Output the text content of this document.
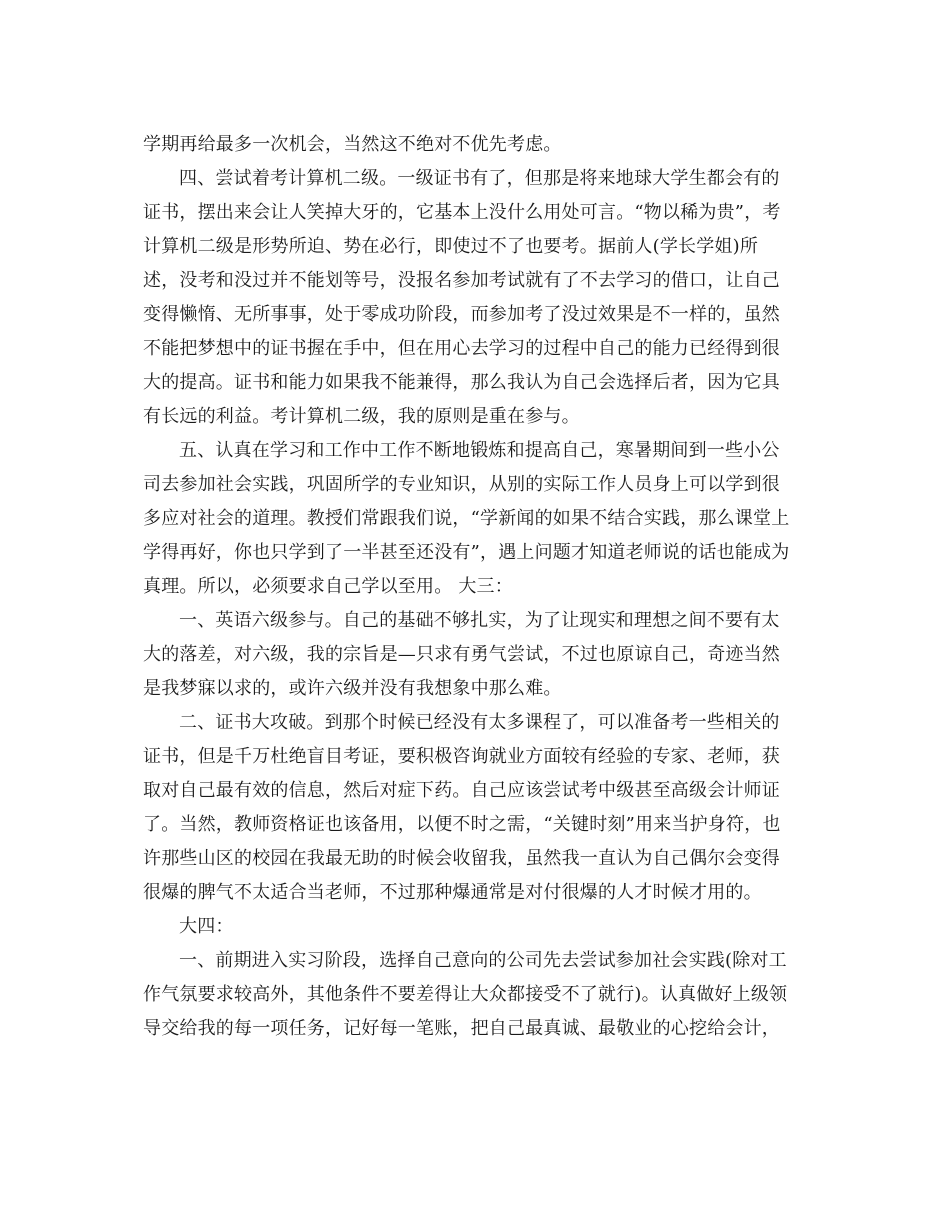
学期再给最多一次机会，当然这不绝对不优先考虑。
四、尝试着考计算机二级。一级证书有了，但那是将来地球大学生都会有的
证书，摆出来会让人笑掉大牙的，它基本上没什么用处可言。“物以稀为贵”，考
计算机二级是形势所迫、势在必行，即使过不了也要考。据前人(学长学姐)所
述，没考和没过并不能划等号，没报名参加考试就有了不去学习的借口，让自己
变得懒惰、无所事事，处于零成功阶段，而参加考了没过效果是不一样的，虽然
不能把梦想中的证书握在手中，但在用心去学习的过程中自己的能力已经得到很
大的提高。证书和能力如果我不能兼得，那么我认为自己会选择后者，因为它具
有长远的利益。考计算机二级，我的原则是重在参与。
五、认真在学习和工作中工作不断地锻炼和提高自己，寒暑期间到一些小公
司去参加社会实践，巩固所学的专业知识，从别的实际工作人员身上可以学到很
多应对社会的道理。教授们常跟我们说，“学新闻的如果不结合实践，那么课堂上
学得再好，你也只学到了一半甚至还没有”，遇上问题才知道老师说的话也能成为
真理。所以，必须要求自己学以至用。 大三：
一、英语六级参与。自己的基础不够扎实，为了让现实和理想之间不要有太
大的落差，对六级，我的宗旨是—只求有勇气尝试，不过也原谅自己，奇迹当然
是我梦寐以求的，或许六级并没有我想象中那么难。
二、证书大攻破。到那个时候已经没有太多课程了，可以准备考一些相关的
证书，但是千万杜绝盲目考证，要积极咨询就业方面较有经验的专家、老师，获
取对自己最有效的信息，然后对症下药。自己应该尝试考中级甚至高级会计师证
了。当然，教师资格证也该备用，以便不时之需，“关键时刻”用来当护身符，也
许那些山区的校园在我最无助的时候会收留我，虽然我一直认为自己偶尔会变得
很爆的脾气不太适合当老师，不过那种爆通常是对付很爆的人才时候才用的。
大四：
一、前期进入实习阶段，选择自己意向的公司先去尝试参加社会实践(除对工
作气氛要求较高外，其他条件不要差得让大众都接受不了就行)。认真做好上级领
导交给我的每一项任务，记好每一笔账，把自己最真诚、最敬业的心挖给会计，
